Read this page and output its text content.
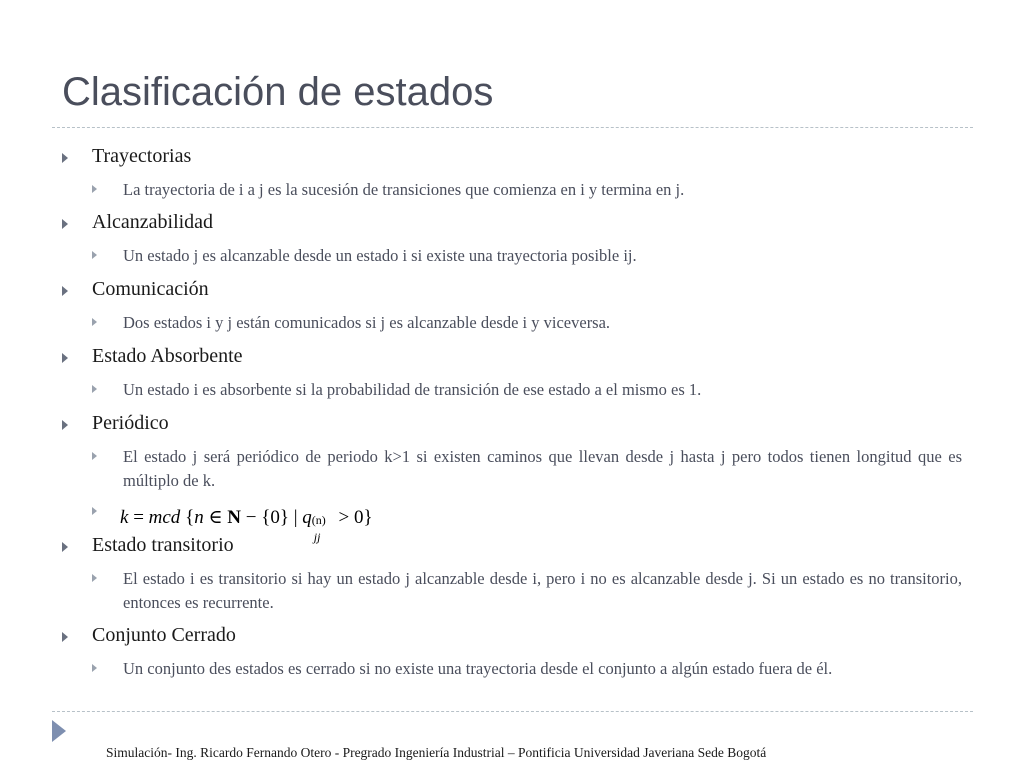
Clasificación de estados
Trayectorias
La trayectoria de i a j es la sucesión de transiciones que comienza en i y termina en j.
Alcanzabilidad
Un estado j es alcanzable desde un estado i si existe una trayectoria posible ij.
Comunicación
Dos estados i y j están comunicados si j es alcanzable desde i y viceversa.
Estado Absorbente
Un estado i es absorbente si la probabilidad de transición de ese estado a el mismo es 1.
Periódico
El estado j será periódico de periodo k>1 si existen caminos que llevan desde j hasta j pero todos tienen longitud que es múltiplo de k.
k = mcd {n ∈ N − {0} | q (n)
jj
> 0}
Estado transitorio
El estado i es transitorio si hay un estado j alcanzable desde i, pero i no es alcanzable desde j. Si un estado es no transitorio, entonces es recurrente.
Conjunto Cerrado
Un conjunto des estados es cerrado si no existe una trayectoria desde el conjunto a algún estado fuera de él.
Simulación- Ing. Ricardo Fernando Otero - Pregrado Ingeniería Industrial – Pontificia Universidad Javeriana Sede Bogotá
